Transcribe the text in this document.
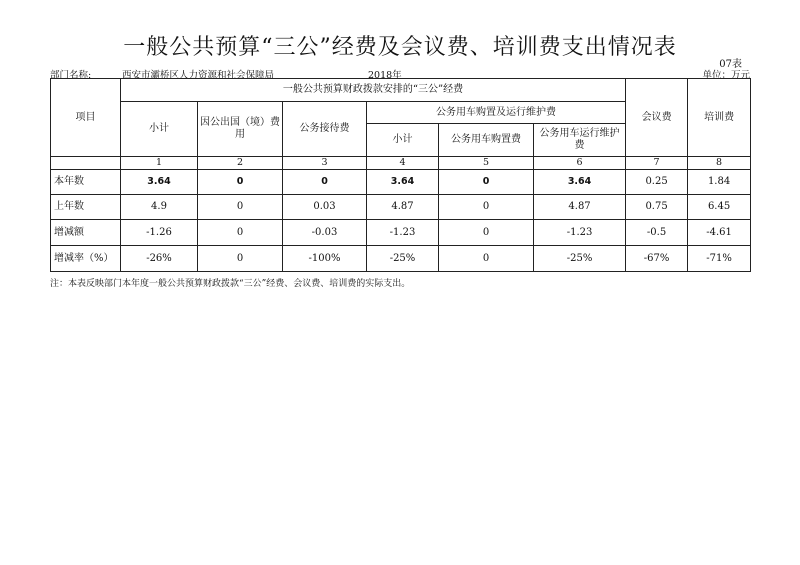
一般公共预算“三公”经费及会议费、培训费支出情况表
07表
部门名称:	西安市灞桥区人力资源和社会保障局	2018年	单位：万元
项目	一般公共预算财政拨款安排的“三公”经费						会议费	培训费
	小计	因公出国（境）费用	公务接待费	公务用车购置及运行维护费				
				小计	公务用车购置费	公务用车运行维护费		
	1	2	3	4	5	6	7	8
本年数	3.64	0	0	3.64	0	3.64	0.25	1.84
上年数	4.9	0	0.03	4.87	0	4.87	0.75	6.45
增减额	-1.26	0	-0.03	-1.23	0	-1.23	-0.5	-4.61
增减率（%）	-26%	0	-100%	-25%	0	-25%	-67%	-71%
注：本表反映部门本年度一般公共预算财政拨款“三公”经费、会议费、培训费的实际支出。
